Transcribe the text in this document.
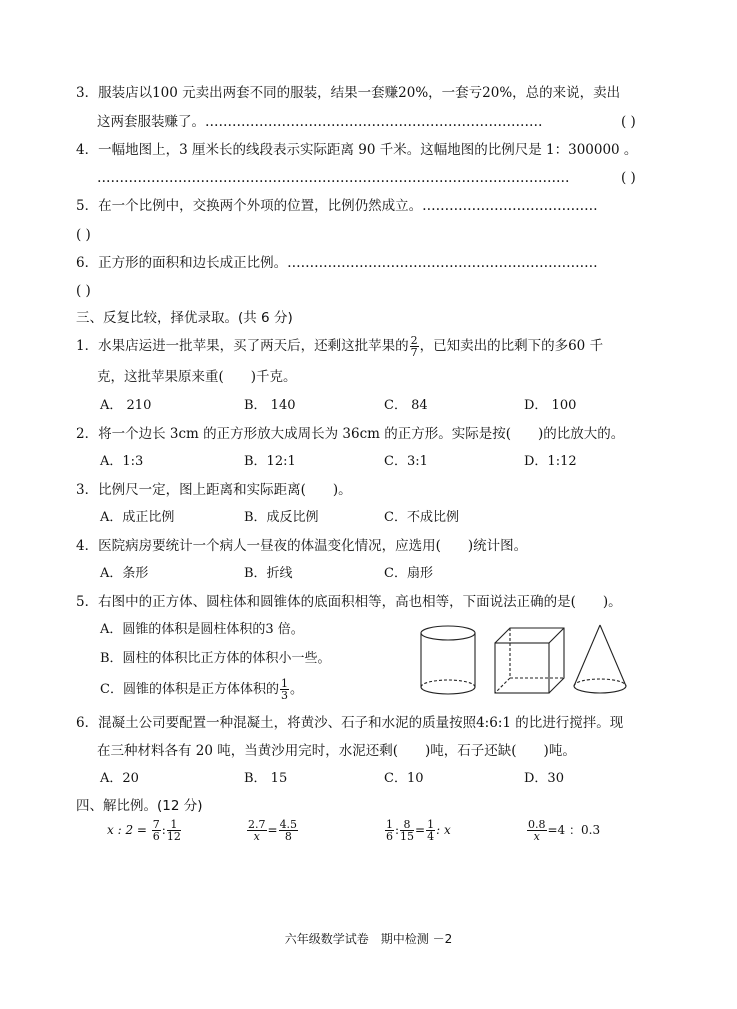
3．服装店以100 元卖出两套不同的服装，结果一套赚20%，一套亏20%，总的来说，卖出
这两套服装赚了。…………………………………………………………………	( )
4．一幅地图上，3 厘米长的线段表示实际距离 90 千米。这幅地图的比例尺是 1：300000 。
……………………………………………………………………………………………	( )
5．在一个比例中，交换两个外项的位置，比例仍然成立。…………………………………
( )
6．正方形的面积和边长成正比例。……………………………………………………………
( )
三、反复比较，择优录取。(共 6 分)
1．水果店运进一批苹果，买了两天后，还剩这批苹果的 $\frac{2}{7}$ ，已知卖出的比剩下的多60 千
克，这批苹果原来重(　　)千克。
A． 210	B． 140	C． 84	D． 100
2．将一个边长 3cm 的正方形放大成周长为 36cm 的正方形。实际是按(　　)的比放大的。
A．1:3	B．12:1	C．3:1	D．1:12
3．比例尺一定，图上距离和实际距离(　　)。
A．成正比例	B．成反比例	C．不成比例
4．医院病房要统计一个病人一昼夜的体温变化情况，应选用(　　)统计图。
A．条形	B．折线	C．扇形
5．右图中的正方体、圆柱体和圆锥体的底面积相等，高也相等，下面说法正确的是(　　)。
A．圆锥的体积是圆柱体积的3 倍。
B．圆柱的体积比正方体的体积小一些。
C．圆锥的体积是正方体体积的 $\frac{1}{3}$ 。
6．混凝土公司要配置一种混凝土，将黄沙、石子和水泥的质量按照4:6:1 的比进行搅拌。现
在三种材料各有 20 吨，当黄沙用完时，水泥还剩(　　)吨，石子还缺(　　)吨。
A．20	B． 15	C．10	D．30
四、解比例。(12 分)
x : $2 = \frac{7}{6}$ : $\frac{1}{12}$	$\frac{2.7}{x} = \frac{4.5}{8}$	$\frac{1}{6}$ : $\frac{8}{15} = \frac{1}{4}$ : x	$\frac{0.8}{x} =4$ ：0.3
六年级数学试卷　期中检测 －2
